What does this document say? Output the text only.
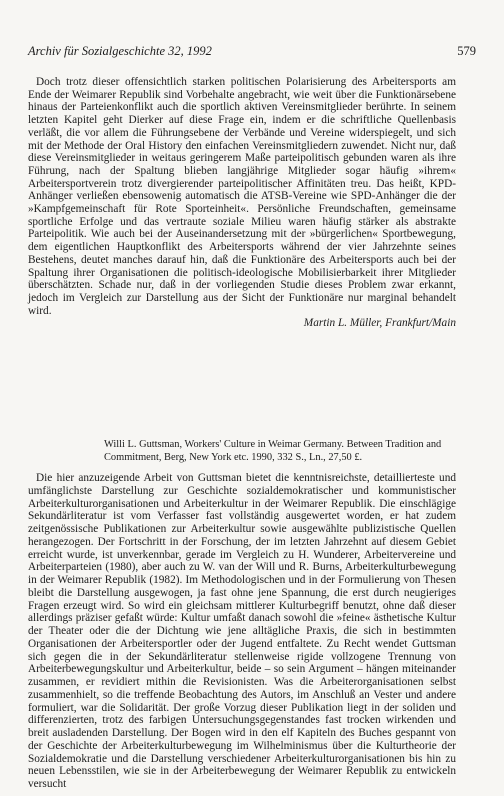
Archiv für Sozialgeschichte 32, 1992	579
Doch trotz dieser offensichtlich starken politischen Polarisierung des Arbeitersports am Ende der Weimarer Republik sind Vorbehalte angebracht, wie weit über die Funktionärsebene hinaus der Parteienkonflikt auch die sportlich aktiven Vereinsmitglieder berührte. In seinem letzten Kapitel geht Dierker auf diese Frage ein, indem er die schriftliche Quellenbasis verläßt, die vor allem die Führungsebene der Verbände und Vereine widerspiegelt, und sich mit der Methode der Oral History den einfachen Vereinsmitgliedern zuwendet. Nicht nur, daß diese Vereinsmitglieder in weitaus geringerem Maße parteipolitisch gebunden waren als ihre Führung, nach der Spaltung blieben langjährige Mitglieder sogar häufig »ihrem« Arbeitersportverein trotz divergierender parteipolitischer Affinitäten treu. Das heißt, KPD-Anhänger verließen ebensowenig automatisch die ATSB-Vereine wie SPD-Anhänger die der »Kampfgemeinschaft für Rote Sporteinheit«. Persönliche Freundschaften, gemeinsame sportliche Erfolge und das vertraute soziale Milieu waren häufig stärker als abstrakte Parteipolitik. Wie auch bei der Auseinandersetzung mit der »bürgerlichen« Sportbewegung, dem eigentlichen Hauptkonflikt des Arbeitersports während der vier Jahrzehnte seines Bestehens, deutet manches darauf hin, daß die Funktionäre des Arbeitersports auch bei der Spaltung ihrer Organisationen die politisch-ideologische Mobilisierbarkeit ihrer Mitglieder überschätzten. Schade nur, daß in der vorliegenden Studie dieses Problem zwar erkannt, jedoch im Vergleich zur Darstellung aus der Sicht der Funktionäre nur marginal behandelt wird.
Martin L. Müller, Frankfurt/Main
Willi L. Guttsman, Workers' Culture in Weimar Germany. Between Tradition and Commitment, Berg, New York etc. 1990, 332 S., Ln., 27,50 £.
Die hier anzuzeigende Arbeit von Guttsman bietet die kenntnisreichste, detaillierteste und umfänglichste Darstellung zur Geschichte sozialdemokratischer und kommunistischer Arbeiterkulturorganisationen und Arbeiterkultur in der Weimarer Republik. Die einschlägige Sekundärliteratur ist vom Verfasser fast vollständig ausgewertet worden, er hat zudem zeitgenössische Publikationen zur Arbeiterkultur sowie ausgewählte publizistische Quellen herangezogen. Der Fortschritt in der Forschung, der im letzten Jahrzehnt auf diesem Gebiet erreicht wurde, ist unverkennbar, gerade im Vergleich zu H. Wunderer, Arbeitervereine und Arbeiterparteien (1980), aber auch zu W. van der Will und R. Burns, Arbeiterkulturbewegung in der Weimarer Republik (1982). Im Methodologischen und in der Formulierung von Thesen bleibt die Darstellung ausgewogen, ja fast ohne jene Spannung, die erst durch neugieriges Fragen erzeugt wird. So wird ein gleichsam mittlerer Kulturbegriff benutzt, ohne daß dieser allerdings präziser gefaßt würde: Kultur umfaßt danach sowohl die »feine« ästhetische Kultur der Theater oder die der Dichtung wie jene alltägliche Praxis, die sich in bestimmten Organisationen der Arbeitersportler oder der Jugend entfaltete. Zu Recht wendet Guttsman sich gegen die in der Sekundärliteratur stellenweise rigide vollzogene Trennung von Arbeiterbewegungskultur und Arbeiterkultur, beide – so sein Argument – hängen miteinander zusammen, er revidiert mithin die Revisionisten. Was die Arbeiterorganisationen selbst zusammenhielt, so die treffende Beobachtung des Autors, im Anschluß an Vester und andere formuliert, war die Solidarität. Der große Vorzug dieser Publikation liegt in der soliden und differenzierten, trotz des farbigen Untersuchungsgegenstandes fast trocken wirkenden und breit ausladenden Darstellung. Der Bogen wird in den elf Kapiteln des Buches gespannt von der Geschichte der Arbeiterkulturbewegung im Wilhelminismus über die Kulturtheorie der Sozialdemokratie und die Darstellung verschiedener Arbeiterkulturorganisationen bis hin zu neuen Lebensstilen, wie sie in der Arbeiterbewegung der Weimarer Republik zu entwickeln versucht
